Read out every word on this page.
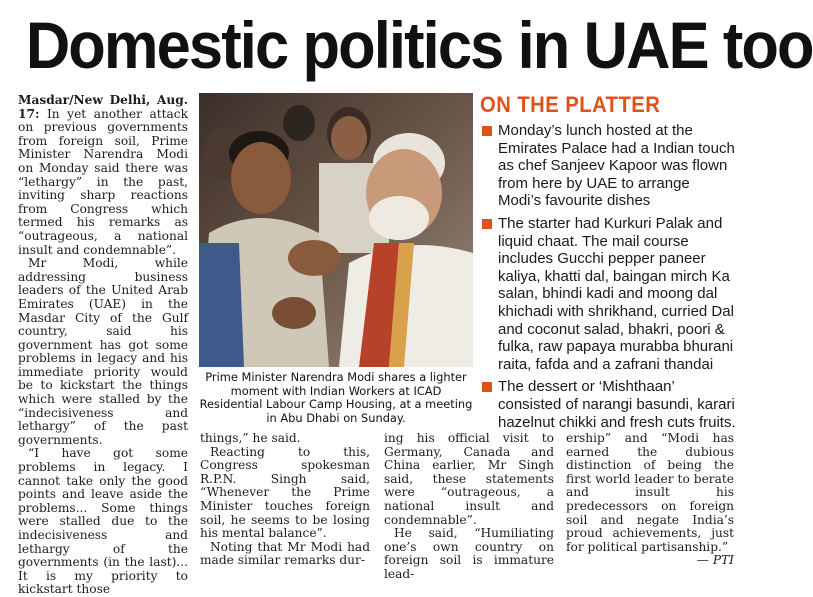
Domestic politics in UAE too

Masdar/New Delhi, Aug. 17: In yet another attack on previous governments from foreign soil, Prime Minister Narendra Modi on Monday said there was “lethargy” in the past, inviting sharp reactions from Congress which termed his remarks as “outrageous, a national insult and condemnable”.

Mr Modi, while addressing business leaders of the United Arab Emirates (UAE) in the Masdar City of the Gulf country, said his government has got some problems in legacy and his immediate priority would be to kickstart the things which were stalled by the “indecisiveness and lethargy” of the past governments.

“I have got some problems in legacy. I cannot take only the good points and leave aside the problems... Some things were stalled due to the indecisiveness and lethargy of the governments (in the last)... It is my priority to kickstart those

Prime Minister Narendra Modi shares a lighter moment with Indian Workers at ICAD Residential Labour Camp Housing, at a meeting in Abu Dhabi on Sunday.
ON THE PLATTER
Monday’s lunch hosted at the Emirates Palace had a Indian touch as chef Sanjeev Kapoor was flown from here by UAE to arrange Modi’s favourite dishes
The starter had Kurkuri Palak and liquid chaat. The mail course includes Gucchi pepper paneer kaliya, khatti dal, baingan mirch Ka salan, bhindi kadi and moong dal khichadi with shrikhand, curried Dal and coconut salad, bhakri, poori & fulka, raw papaya murabba bhurani raita, fafda and a zafrani thandai
The dessert or ‘Mishthaan’ consisted of narangi basundi, karari hazelnut chikki and fresh cuts fruits.

things,” he said.

Reacting to this, Congress spokesman R.P.N. Singh said, “Whenever the Prime Minister touches foreign soil, he seems to be losing his mental balance”.

Noting that Mr Modi had made similar remarks dur-

ing his official visit to Germany, Canada and China earlier, Mr Singh said, these statements were “outrageous, a national insult and condemnable”.

He said, “Humiliating one’s own country on foreign soil is immature lead-

ership” and “Modi has earned the dubious distinction of being the first world leader to berate and insult his predecessors on foreign soil and negate India’s proud achievements, just for political partisanship.”

— PTI
